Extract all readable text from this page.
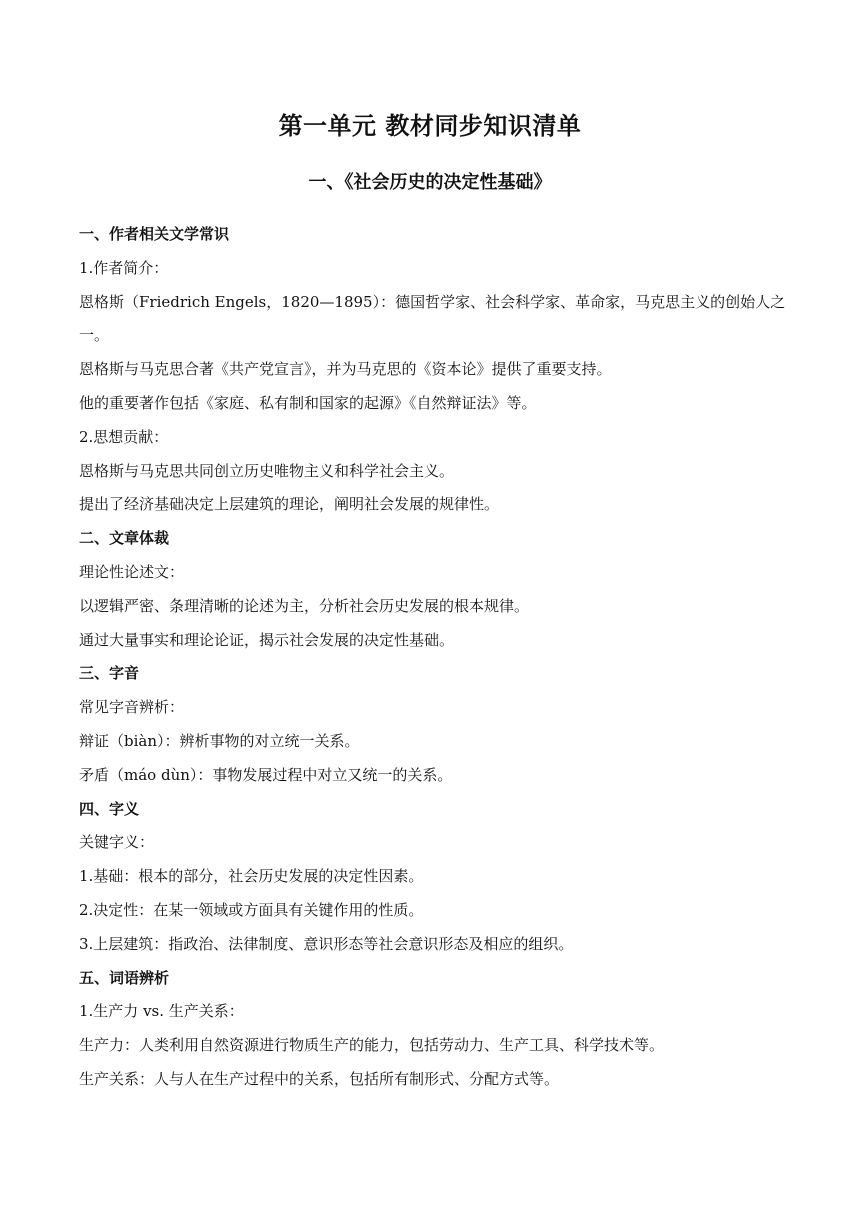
第一单元 教材同步知识清单
一、《社会历史的决定性基础》
一、作者相关文学常识
1.作者简介：
恩格斯（Friedrich Engels，1820—1895）：德国哲学家、社会科学家、革命家，马克思主义的创始人之一。
恩格斯与马克思合著《共产党宣言》，并为马克思的《资本论》提供了重要支持。
他的重要著作包括《家庭、私有制和国家的起源》《自然辩证法》等。
2.思想贡献：
恩格斯与马克思共同创立历史唯物主义和科学社会主义。
提出了经济基础决定上层建筑的理论，阐明社会发展的规律性。
二、文章体裁
理论性论述文：
以逻辑严密、条理清晰的论述为主，分析社会历史发展的根本规律。
通过大量事实和理论论证，揭示社会发展的决定性基础。
三、字音
常见字音辨析：
辩证（biàn）：辨析事物的对立统一关系。
矛盾（máo dùn）：事物发展过程中对立又统一的关系。
四、字义
关键字义：
1.基础：根本的部分，社会历史发展的决定性因素。
2.决定性：在某一领域或方面具有关键作用的性质。
3.上层建筑：指政治、法律制度、意识形态等社会意识形态及相应的组织。
五、词语辨析
1.生产力 vs. 生产关系：
生产力：人类利用自然资源进行物质生产的能力，包括劳动力、生产工具、科学技术等。
生产关系：人与人在生产过程中的关系，包括所有制形式、分配方式等。
